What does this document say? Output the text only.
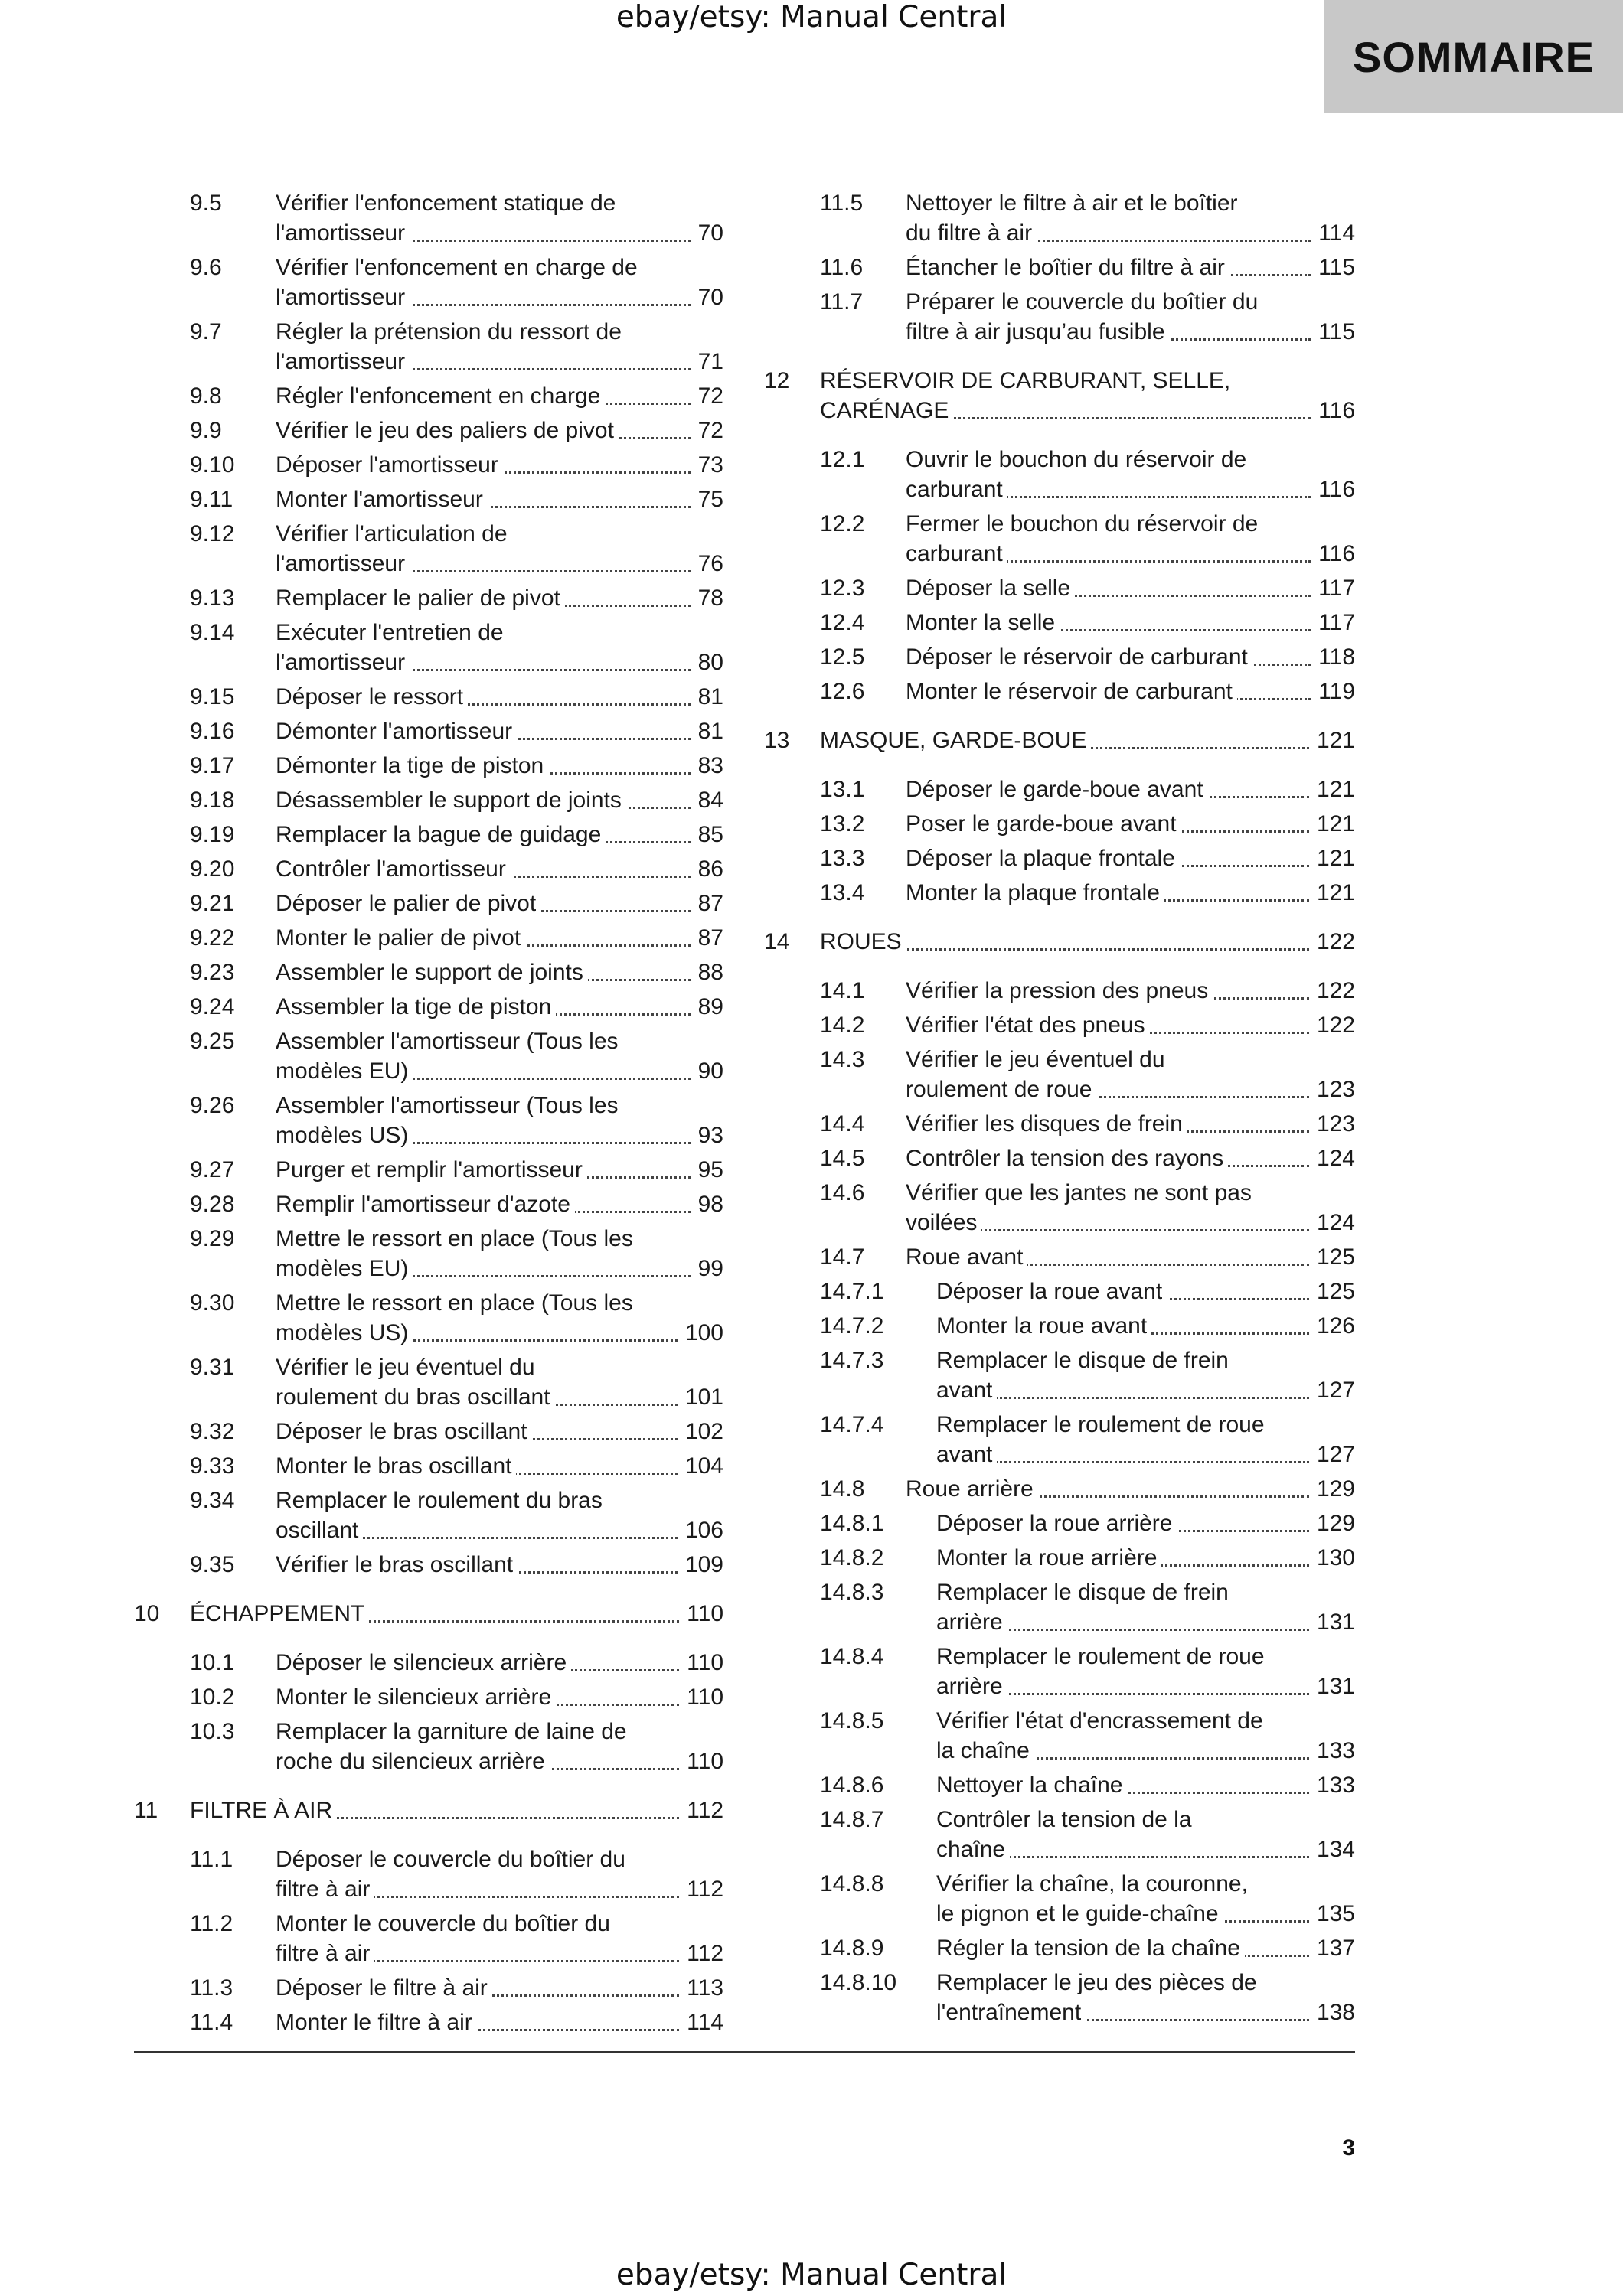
ebay/etsy: Manual Central
SOMMAIRE
9.5 Vérifier l'enfoncement statique de
l'amortisseur	70
9.6 Vérifier l'enfoncement en charge de
l'amortisseur	70
9.7 Régler la prétension du ressort de
l'amortisseur	71
9.8 Régler l'enfoncement en charge	72
9.9 Vérifier le jeu des paliers de pivot	72
9.10 Déposer l'amortisseur	73
9.11 Monter l'amortisseur	75
9.12 Vérifier l'articulation de
l'amortisseur	76
9.13 Remplacer le palier de pivot	78
9.14 Exécuter l'entretien de
l'amortisseur	80
9.15 Déposer le ressort	81
9.16 Démonter l'amortisseur	81
9.17 Démonter la tige de piston	83
9.18 Désassembler le support de joints	84
9.19 Remplacer la bague de guidage	85
9.20 Contrôler l'amortisseur	86
9.21 Déposer le palier de pivot	87
9.22 Monter le palier de pivot	87
9.23 Assembler le support de joints	88
9.24 Assembler la tige de piston	89
9.25 Assembler l'amortisseur (Tous les
modèles EU)	90
9.26 Assembler l'amortisseur (Tous les
modèles US)	93
9.27 Purger et remplir l'amortisseur	95
9.28 Remplir l'amortisseur d'azote	98
9.29 Mettre le ressort en place (Tous les
modèles EU)	99
9.30 Mettre le ressort en place (Tous les
modèles US)	100
9.31 Vérifier le jeu éventuel du
roulement du bras oscillant	101
9.32 Déposer le bras oscillant	102
9.33 Monter le bras oscillant	104
9.34 Remplacer le roulement du bras
oscillant	106
9.35 Vérifier le bras oscillant	109
10 ÉCHAPPEMENT	110
10.1 Déposer le silencieux arrière	110
10.2 Monter le silencieux arrière	110
10.3 Remplacer la garniture de laine de
roche du silencieux arrière	110
11 FILTRE À AIR	112
11.1 Déposer le couvercle du boîtier du
filtre à air	112
11.2 Monter le couvercle du boîtier du
filtre à air	112
11.3 Déposer le filtre à air	113
11.4 Monter le filtre à air	114
11.5 Nettoyer le filtre à air et le boîtier
du filtre à air	114
11.6 Étancher le boîtier du filtre à air	115
11.7 Préparer le couvercle du boîtier du
filtre à air jusqu’au fusible	115
12 RÉSERVOIR DE CARBURANT, SELLE,
CARÉNAGE	116
12.1 Ouvrir le bouchon du réservoir de
carburant	116
12.2 Fermer le bouchon du réservoir de
carburant	116
12.3 Déposer la selle	117
12.4 Monter la selle	117
12.5 Déposer le réservoir de carburant	118
12.6 Monter le réservoir de carburant	119
13 MASQUE, GARDE-BOUE	121
13.1 Déposer le garde-boue avant	121
13.2 Poser le garde-boue avant	121
13.3 Déposer la plaque frontale	121
13.4 Monter la plaque frontale	121
14 ROUES	122
14.1 Vérifier la pression des pneus	122
14.2 Vérifier l'état des pneus	122
14.3 Vérifier le jeu éventuel du
roulement de roue	123
14.4 Vérifier les disques de frein	123
14.5 Contrôler la tension des rayons	124
14.6 Vérifier que les jantes ne sont pas
voilées	124
14.7 Roue avant	125
14.7.1 Déposer la roue avant	125
14.7.2 Monter la roue avant	126
14.7.3 Remplacer le disque de frein
avant	127
14.7.4 Remplacer le roulement de roue
avant	127
14.8 Roue arrière	129
14.8.1 Déposer la roue arrière	129
14.8.2 Monter la roue arrière	130
14.8.3 Remplacer le disque de frein
arrière	131
14.8.4 Remplacer le roulement de roue
arrière	131
14.8.5 Vérifier l'état d'encrassement de
la chaîne	133
14.8.6 Nettoyer la chaîne	133
14.8.7 Contrôler la tension de la
chaîne	134
14.8.8 Vérifier la chaîne, la couronne,
le pignon et le guide-chaîne	135
14.8.9 Régler la tension de la chaîne	137
14.8.10 Remplacer le jeu des pièces de
l'entraînement	138
3
ebay/etsy: Manual Central
